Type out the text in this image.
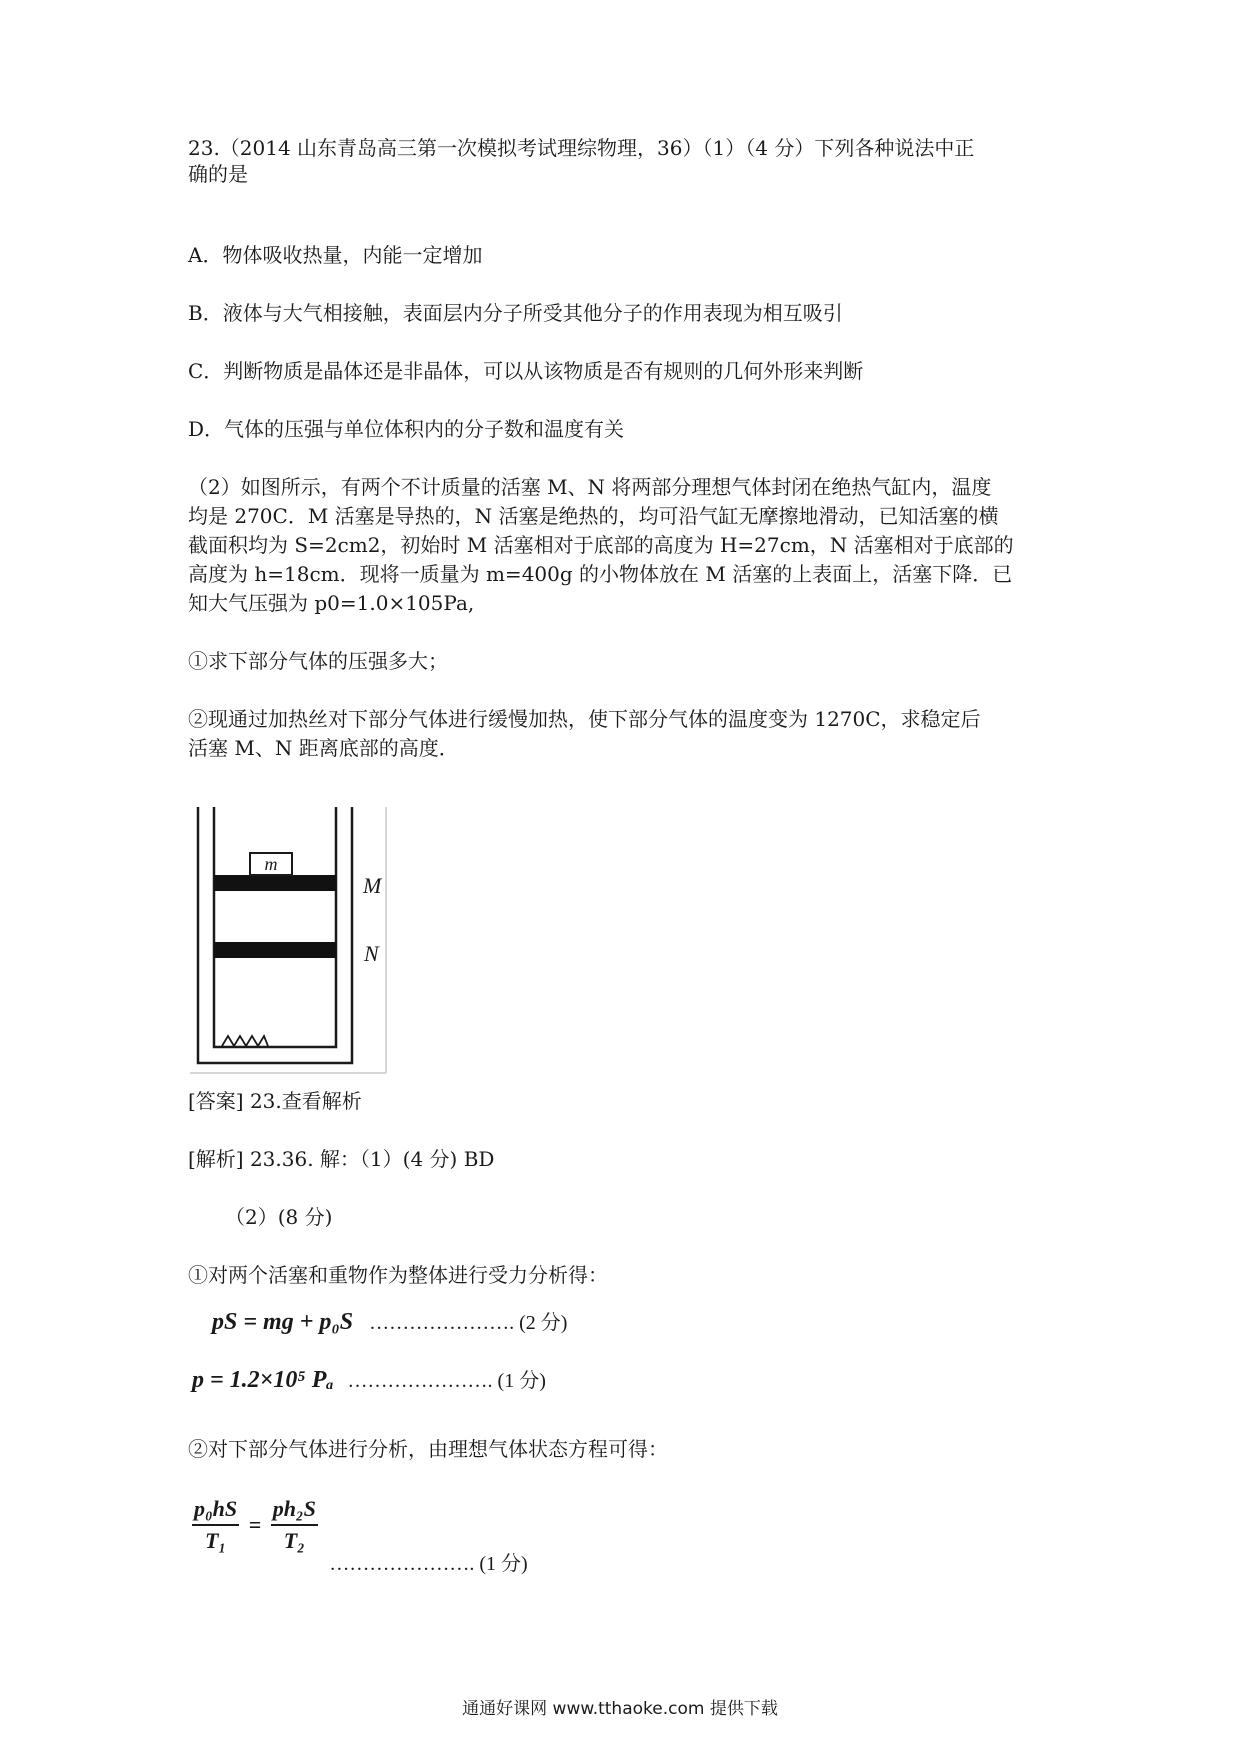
23.（2014 山东青岛高三第一次模拟考试理综物理，36）（1）（4 分）下列各种说法中正
确的是
A．物体吸收热量，内能一定增加
B．液体与大气相接触，表面层内分子所受其他分子的作用表现为相互吸引
C．判断物质是晶体还是非晶体，可以从该物质是否有规则的几何外形来判断
D．气体的压强与单位体积内的分子数和温度有关
（2）如图所示，有两个不计质量的活塞 M、N 将两部分理想气体封闭在绝热气缸内，温度
均是 270C．M 活塞是导热的，N 活塞是绝热的，均可沿气缸无摩擦地滑动，已知活塞的横
截面积均为 S=2cm2，初始时 M 活塞相对于底部的高度为 H=27cm，N 活塞相对于底部的
高度为 h=18cm．现将一质量为 m=400g 的小物体放在 M 活塞的上表面上，活塞下降．已
知大气压强为 p0=1.0×105Pa,
①求下部分气体的压强多大；
②现通过加热丝对下部分气体进行缓慢加热，使下部分气体的温度变为 1270C，求稳定后
活塞 M、N 距离底部的高度．
m
M
N
[答案] 23.查看解析
[解析] 23.36. 解：（1）(4 分) BD
（2）(8 分)
①对两个活塞和重物作为整体进行受力分析得：
pS = mg + p₀S …………………. (2 分)
p = 1.2×10⁵ Pₐ …………………. (1 分)
②对下部分气体进行分析，由理想气体状态方程可得：
$\frac{\text{p₀hS}}{\text{T₁}} = \frac{\text{ph₂S}}{\text{T₂}}$
…………………. (1 分)
通通好课网 www.tthaoke.com 提供下载
